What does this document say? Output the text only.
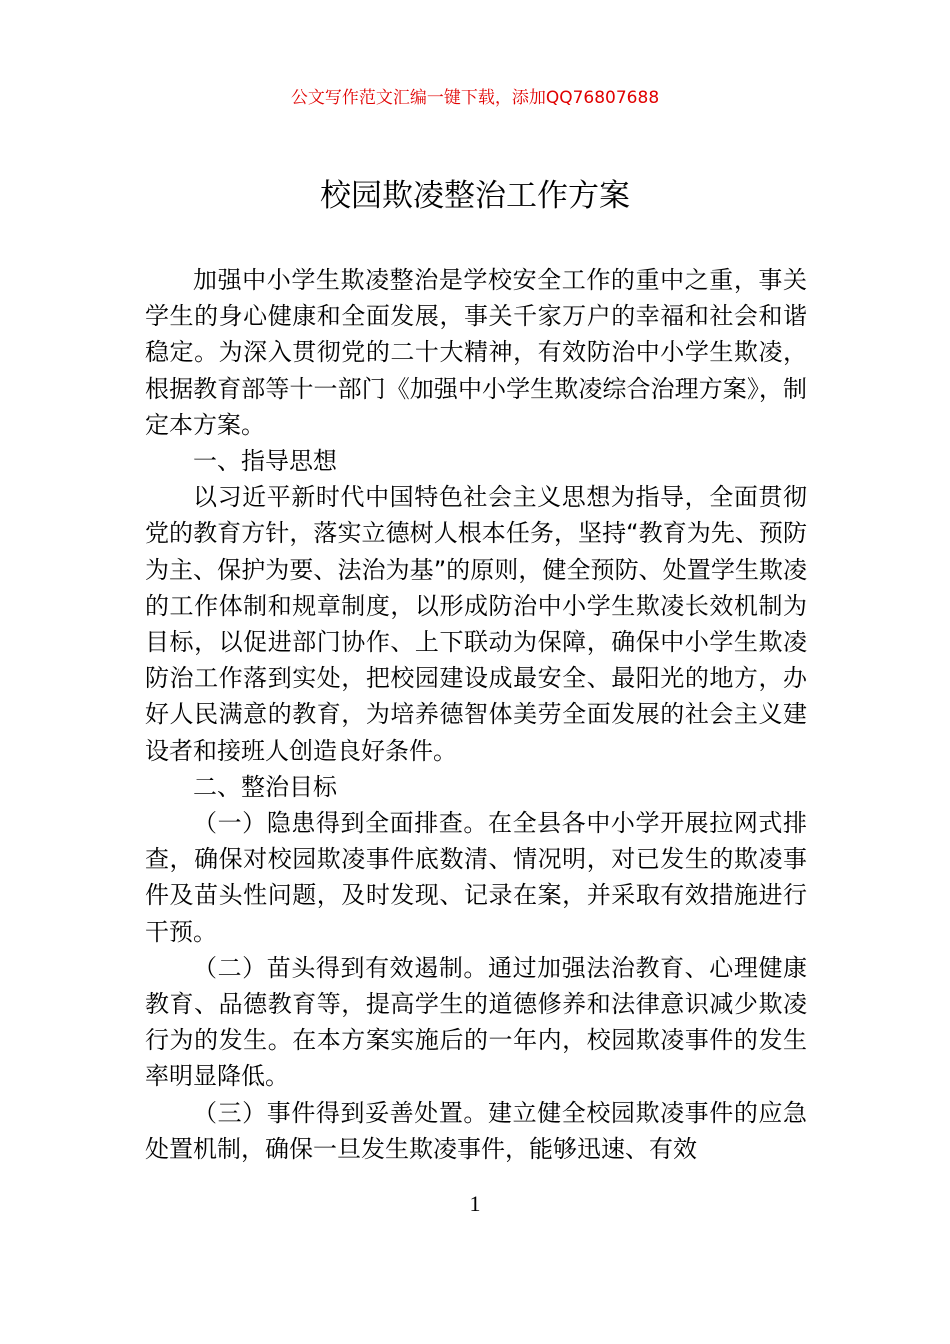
公文写作范文汇编一键下载，添加QQ76807688
校园欺凌整治工作方案

加强中小学生欺凌整治是学校安全工作的重中之重，事关学生的身心健康和全面发展，事关千家万户的幸福和社会和谐稳定。为深入贯彻党的二十大精神，有效防治中小学生欺凌，根据教育部等十一部门《加强中小学生欺凌综合治理方案》，制定本方案。

一、指导思想

以习近平新时代中国特色社会主义思想为指导，全面贯彻党的教育方针，落实立德树人根本任务，坚持“教育为先、预防为主、保护为要、法治为基”的原则，健全预防、处置学生欺凌的工作体制和规章制度，以形成防治中小学生欺凌长效机制为目标，以促进部门协作、上下联动为保障，确保中小学生欺凌防治工作落到实处，把校园建设成最安全、最阳光的地方，办好人民满意的教育，为培养德智体美劳全面发展的社会主义建设者和接班人创造良好条件。

二、整治目标

（一）隐患得到全面排查。在全县各中小学开展拉网式排查，确保对校园欺凌事件底数清、情况明，对已发生的欺凌事件及苗头性问题，及时发现、记录在案，并采取有效措施进行干预。

（二）苗头得到有效遏制。通过加强法治教育、心理健康教育、品德教育等，提高学生的道德修养和法律意识减少欺凌行为的发生。在本方案实施后的一年内，校园欺凌事件的发生率明显降低。

（三）事件得到妥善处置。建立健全校园欺凌事件的应急处置机制，确保一旦发生欺凌事件，能够迅速、有效

1
